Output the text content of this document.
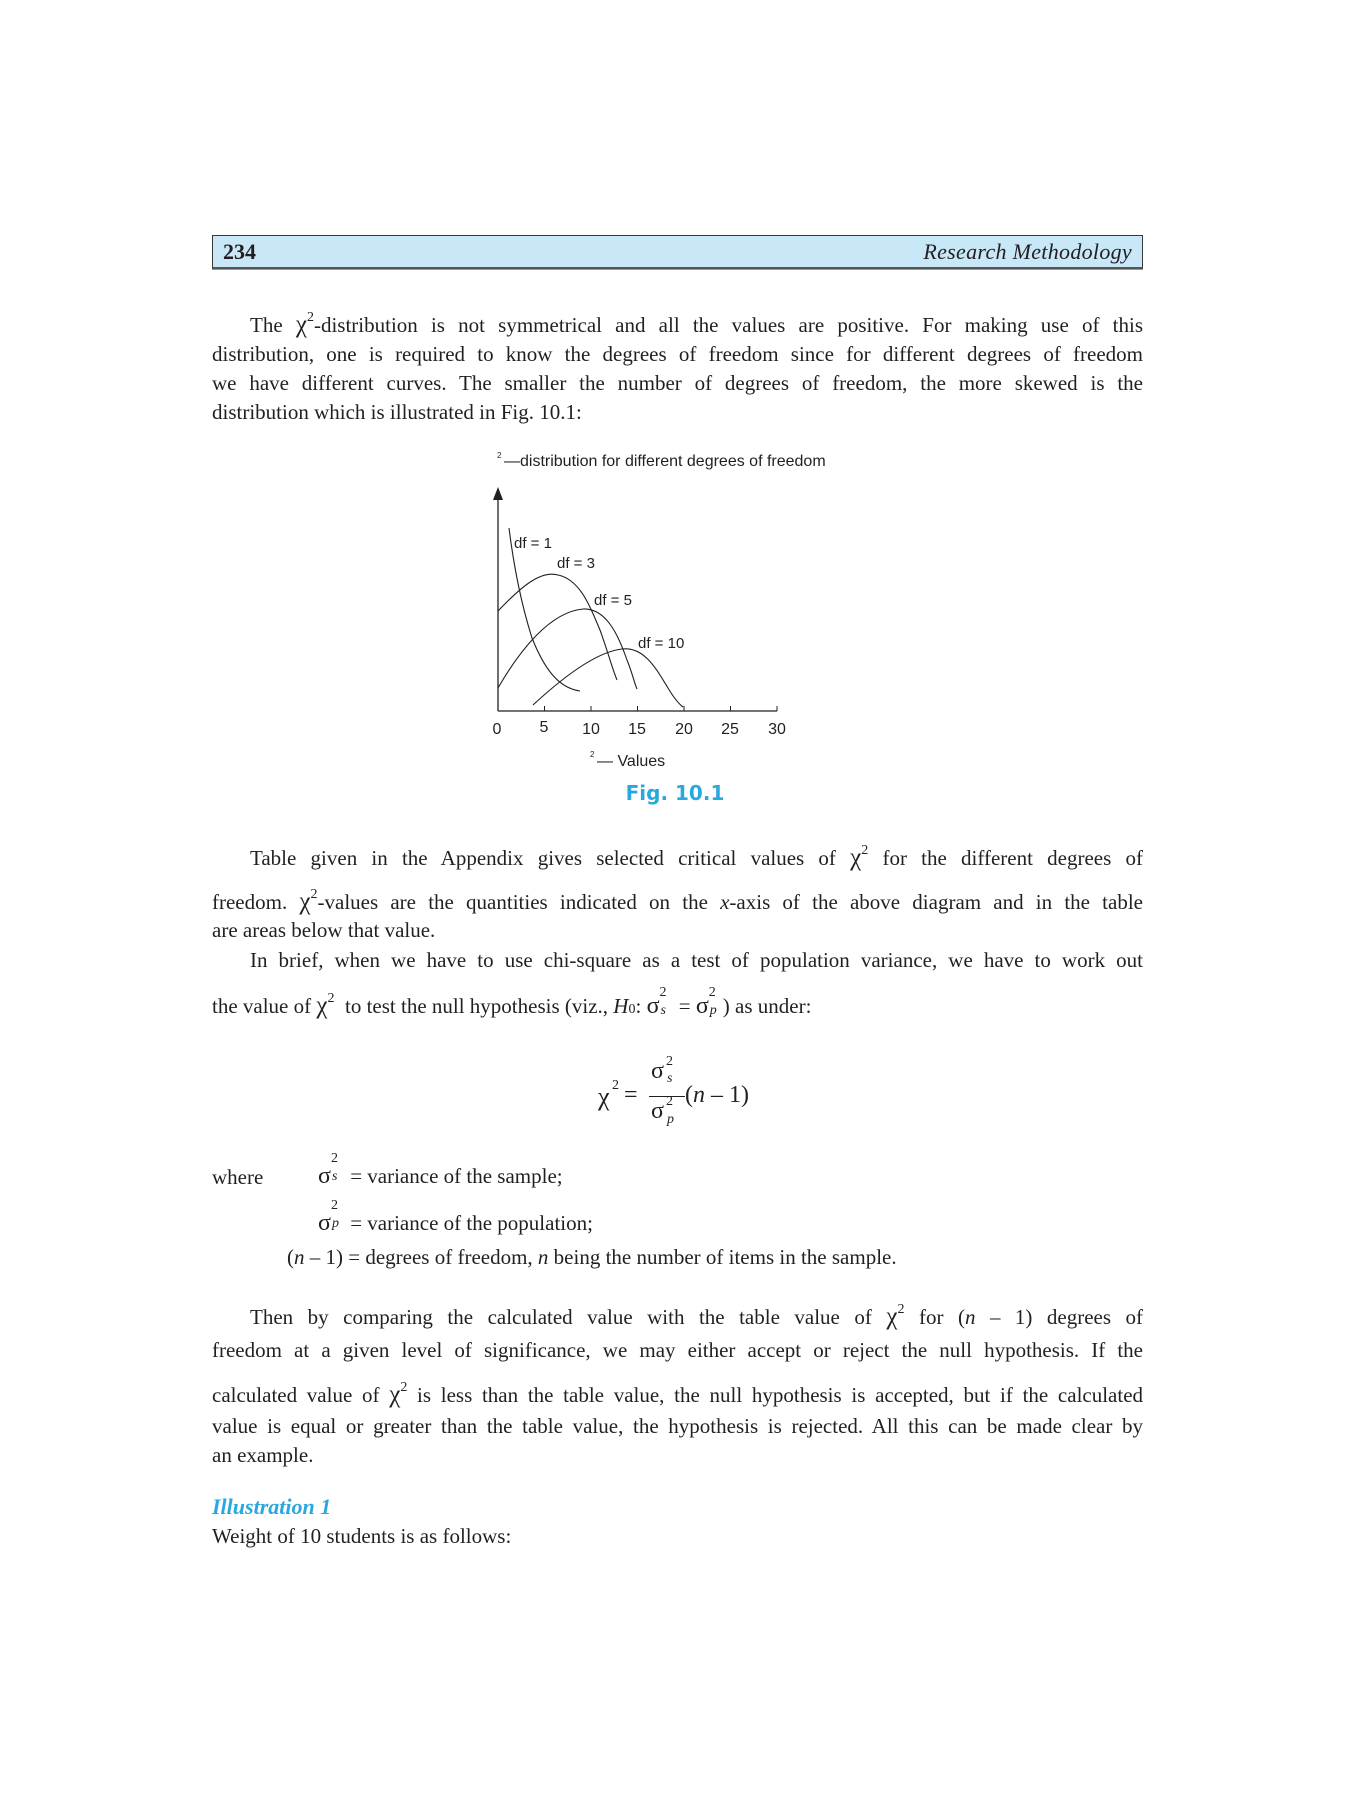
234	Research Methodology
The $\chi^2$-distribution is not symmetrical and all the values are positive. For making use of this
distribution, one is required to know the degrees of freedom since for different degrees of freedom
we have different curves. The smaller the number of degrees of freedom, the more skewed is the
distribution which is illustrated in Fig. 10.1:
2 —distribution for different degrees of freedom
0 5 10 15 20 25 30
2 — Values
df = 1
df = 3
df = 5
df = 10
Fig. 10.1
Table given in the Appendix gives selected critical values of $\chi^2$ for the different degrees of
freedom. $\chi^2$-values are the quantities indicated on the x-axis of the above diagram and in the table
are areas below that value.
In brief, when we have to use chi-square as a test of population variance, we have to work out
the value of $\chi^2$ to test the null hypothesis (viz., H0: σ
2
s = σ
2
p ) as under:
χ 2 =
σ 2
s
σ 2
p
(n – 1)
where σ
2
s = variance of the sample;
σ
2
p = variance of the population;
(n – 1) = degrees of freedom, n being the number of items in the sample.
Then by comparing the calculated value with the table value of $\chi^2$ for (n – 1) degrees of
freedom at a given level of significance, we may either accept or reject the null hypothesis. If the
calculated value of $\chi^2$ is less than the table value, the null hypothesis is accepted, but if the calculated
value is equal or greater than the table value, the hypothesis is rejected. All this can be made clear by
an example.
Illustration 1
Weight of 10 students is as follows:
